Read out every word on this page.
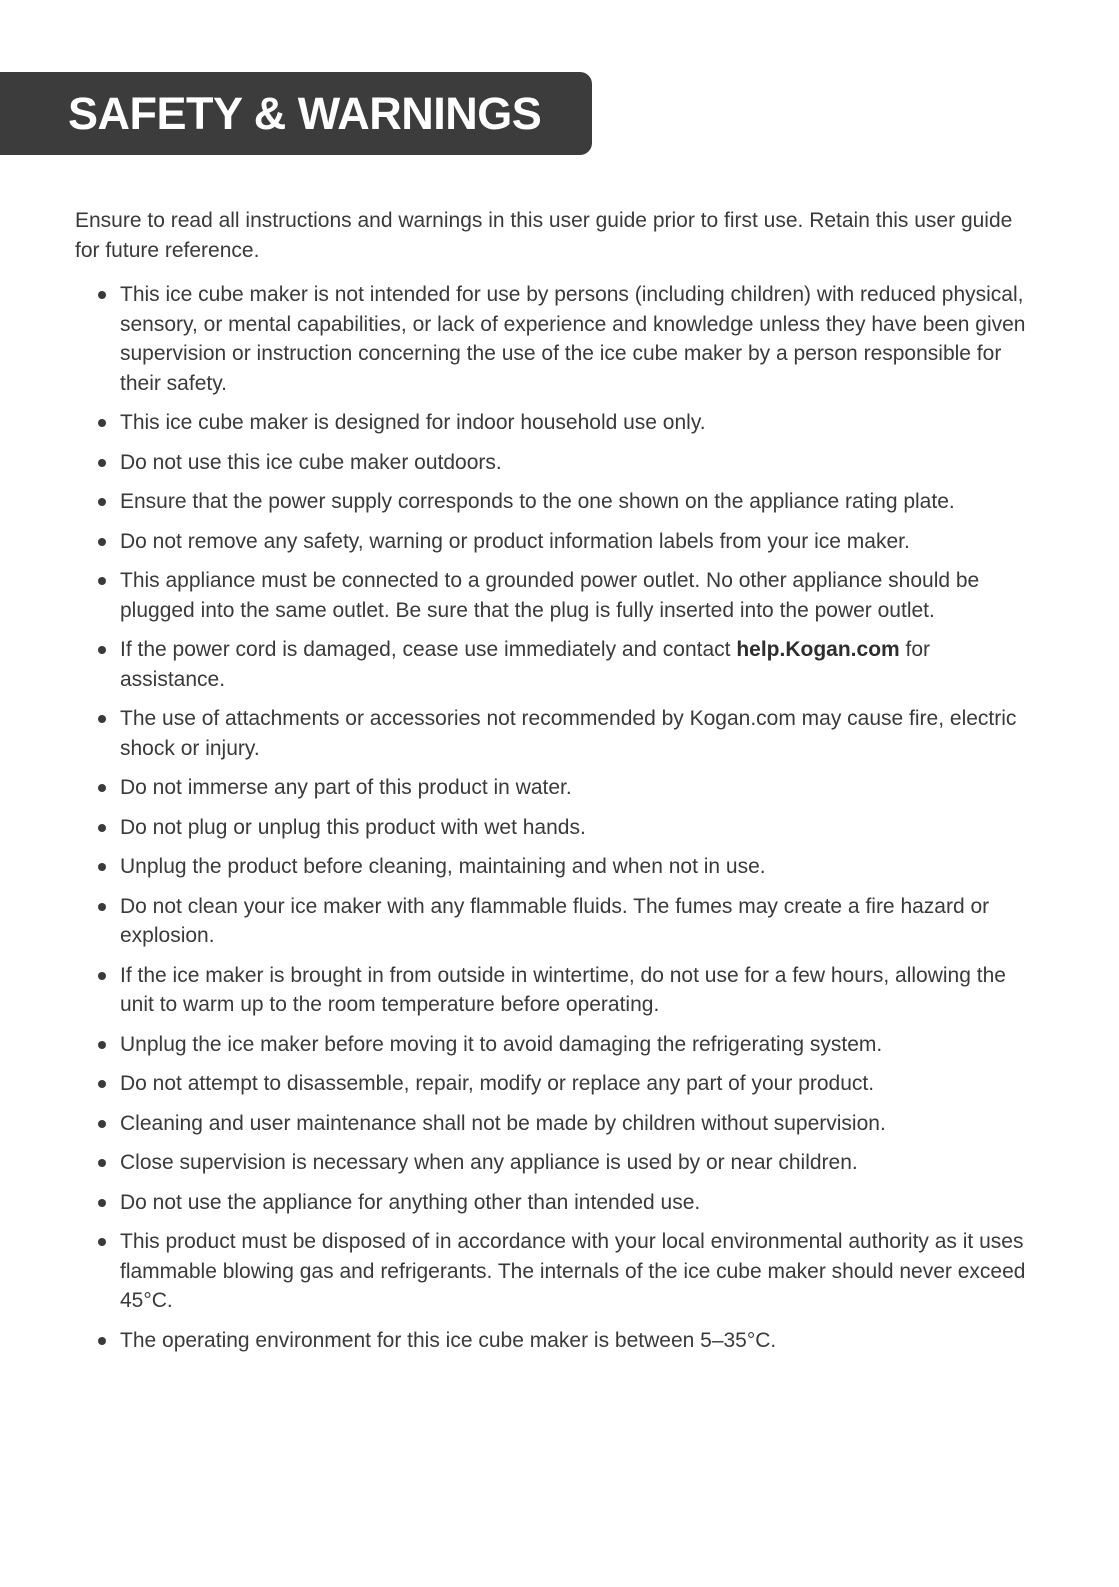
SAFETY & WARNINGS

Ensure to read all instructions and warnings in this user guide prior to first use. Retain this user guide for future reference.

This ice cube maker is not intended for use by persons (including children) with reduced physical, sensory, or mental capabilities, or lack of experience and knowledge unless they have been given supervision or instruction concerning the use of the ice cube maker by a person responsible for their safety.
This ice cube maker is designed for indoor household use only.
Do not use this ice cube maker outdoors.
Ensure that the power supply corresponds to the one shown on the appliance rating plate.
Do not remove any safety, warning or product information labels from your ice maker.
This appliance must be connected to a grounded power outlet. No other appliance should be plugged into the same outlet. Be sure that the plug is fully inserted into the power outlet.
If the power cord is damaged, cease use immediately and contact help.Kogan.com for assistance.
The use of attachments or accessories not recommended by Kogan.com may cause fire, electric shock or injury.
Do not immerse any part of this product in water.
Do not plug or unplug this product with wet hands.
Unplug the product before cleaning, maintaining and when not in use.
Do not clean your ice maker with any flammable fluids. The fumes may create a fire hazard or explosion.
If the ice maker is brought in from outside in wintertime, do not use for a few hours, allowing the unit to warm up to the room temperature before operating.
Unplug the ice maker before moving it to avoid damaging the refrigerating system.
Do not attempt to disassemble, repair, modify or replace any part of your product.
Cleaning and user maintenance shall not be made by children without supervision.
Close supervision is necessary when any appliance is used by or near children.
Do not use the appliance for anything other than intended use.
This product must be disposed of in accordance with your local environmental authority as it uses flammable blowing gas and refrigerants. The internals of the ice cube maker should never exceed 45°C.
The operating environment for this ice cube maker is between 5–35°C.
